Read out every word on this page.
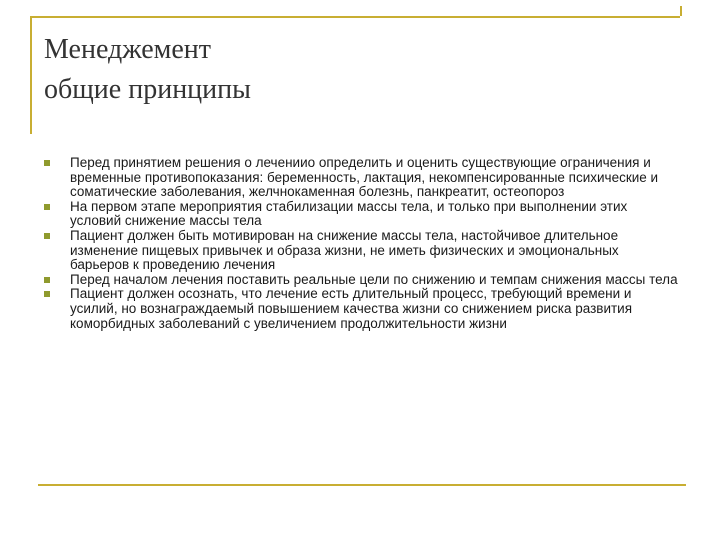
Менеджемент
общие принципы
Перед принятием решения о лечениио определить и оценить существующие ограничения и временные противопоказания: беременность, лактация, некомпенсированные психические и соматические заболевания, желчнокаменная болезнь, панкреатит, остеопороз
На первом этапе мероприятия стабилизации массы тела, и только при выполнении этих условий снижение массы тела
Пациент должен быть мотивирован на снижение массы тела, настойчивое длительное изменение пищевых привычек и образа жизни, не иметь физических и эмоциональных барьеров к проведению лечения
Перед началом лечения поставить реальные цели по снижению и темпам снижения массы тела
Пациент должен осознать, что лечение есть длительный процесс, требующий времени и усилий, но вознаграждаемый повышением качества жизни со снижением риска развития коморбидных заболеваний с увеличением продолжительности жизни
